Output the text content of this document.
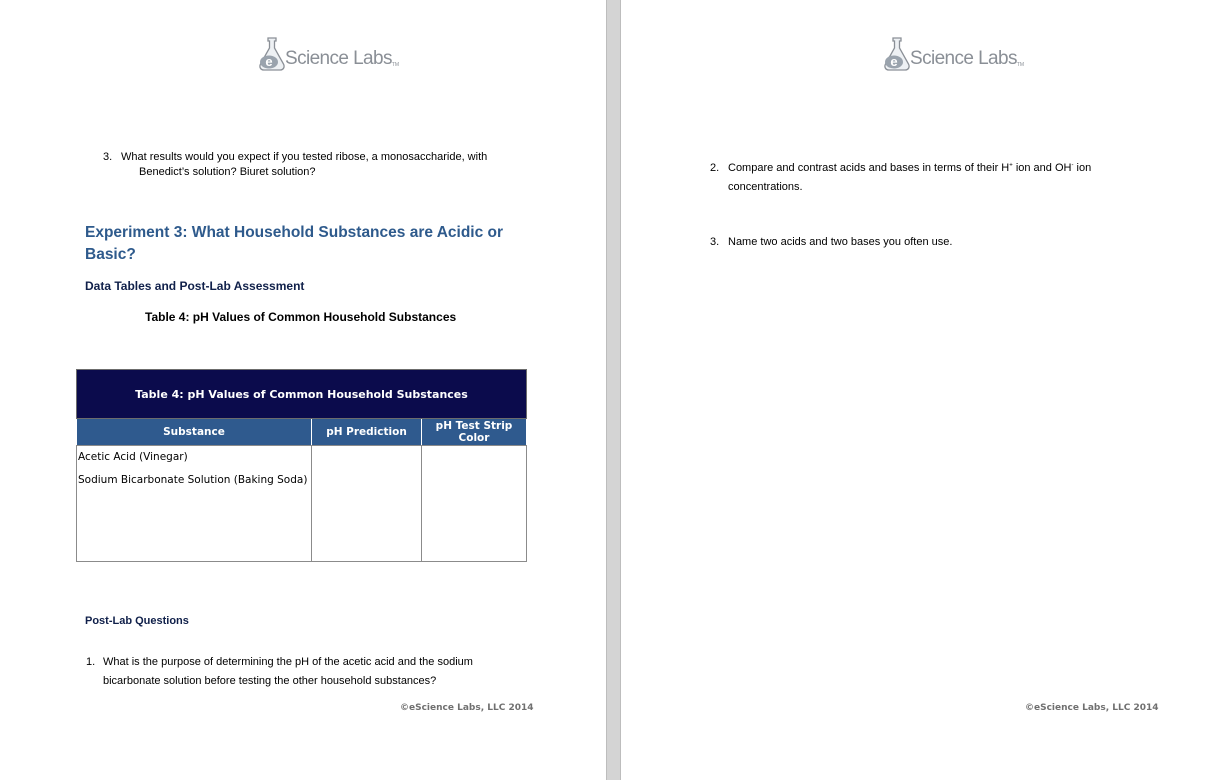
e Science Labs TM
3. What results would you expect if you tested ribose, a monosaccharide, with
Benedict’s solution? Biuret solution?
Experiment 3: What Household Substances are Acidic or
Basic?
Data Tables and Post-Lab Assessment
Table 4: pH Values of Common Household Substances
Table 4: pH Values of Common Household Substances		
Substance	pH Prediction	pH Test Strip Color

Acetic Acid (Vinegar)
Sodium Bicarbonate Solution (Baking Soda)		

Post-Lab Questions
1. What is the purpose of determining the pH of the acetic acid and the sodium
bicarbonate solution before testing the other household substances?
©eScience Labs, LLC 2014
e Science Labs TM
2. Compare and contrast acids and bases in terms of their H+ ion and OH- ion
concentrations.
3. Name two acids and two bases you often use.
©eScience Labs, LLC 2014
